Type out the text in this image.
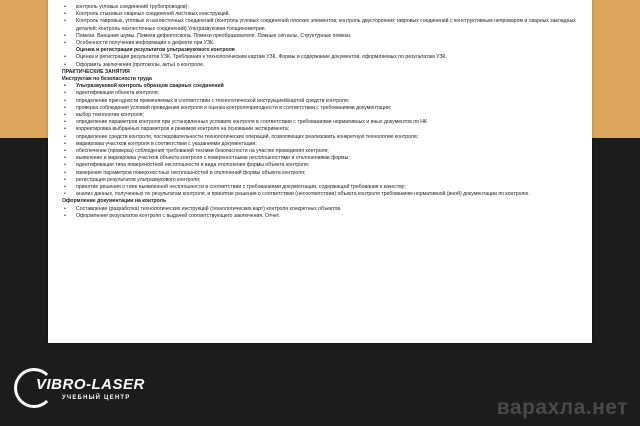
• контроль угловых соединений трубопроводов);
• Контроль стыковых сварных соединений листовых конструкций.
• Контроль тавровых, угловых и нахлесточных соединений (контроль угловых соединений плоских элементов; контроль двусторонних тавровых соединений с конструктивным непроваром и сварных закладных деталей; контроль нахлесточных соединений) Ультразвуковая толщинометрия.
• Помехи. Внешние шумы. Помехи дефектоскопа. Помехи преобразователя. Ложные сигналы. Структурные помехи.
• Особенности получения информации о дефекте при УЗК.
Оценка и регистрация результатов ультразвукового контроля
• Оценка и регистрация результатов УЗК. Требования к технологическим картам УЗК. Формы и содержание документов, оформляемых по результатам УЗК.
• Оформить заключения (протоколы, акты) о контроле.
ПРАКТИЧЕСКИЕ ЗАНЯТИЯ
Инструктаж по безопасности труда
• Ультразвуковой контроль образцов сварных соединений
• идентификация объекта контроля;
• определение пригодности применяемых в соответствии с технологической инструкцией/картой средств контроля;
• проверка соблюдения условий проведения контроля и оценка контролепригодности в соответствии с требованиями документации;
• выбор технологии контроля;
• определение параметров контроля при установленных условиях контроля в соответствии с требованиями нормативных и иных документов по НК
• корректировка выбранных параметров и режимов контроля на основании эксперимента;
• определение средств контроля, последовательности технологических операций, позволяющих реализовать конкретную технологию контроля;
• маркировка участков контроля в соответствии с указаниями документации;
• обеспечение (проверка) соблюдения требований техники безопасности на участке проведения контроля;
• выявление и маркировка участков объекта контроля с поверхностными несплошностями и отклонениями формы;
• идентификация типа поверхностной несплошности и вида отклонения формы объекта контроля;
• измерение параметров поверхностных несплошностей и отклонений формы объекта контроля;
• регистрация результатов ультразвукового контроля;
• принятие решения о типе выявленной несплошности в соответствии с требованиями документации, содержащей требования к качеству;
• анализ данных, полученных по результатам контроля, и принятие решения о соответствии (несоответствии) объекта контроля требованиям нормативной (иной) документации по контролю.
Оформление документации на контроль
• Составление (разработка) технологических инструкций (технологических карт) контроля конкретных объектов.
• Оформление результатов контроля с выдачей соответствующего заключения. Отчет.
VIBRO-LASER
УЧЕБНЫЙ ЦЕНТР	варахла.нет
